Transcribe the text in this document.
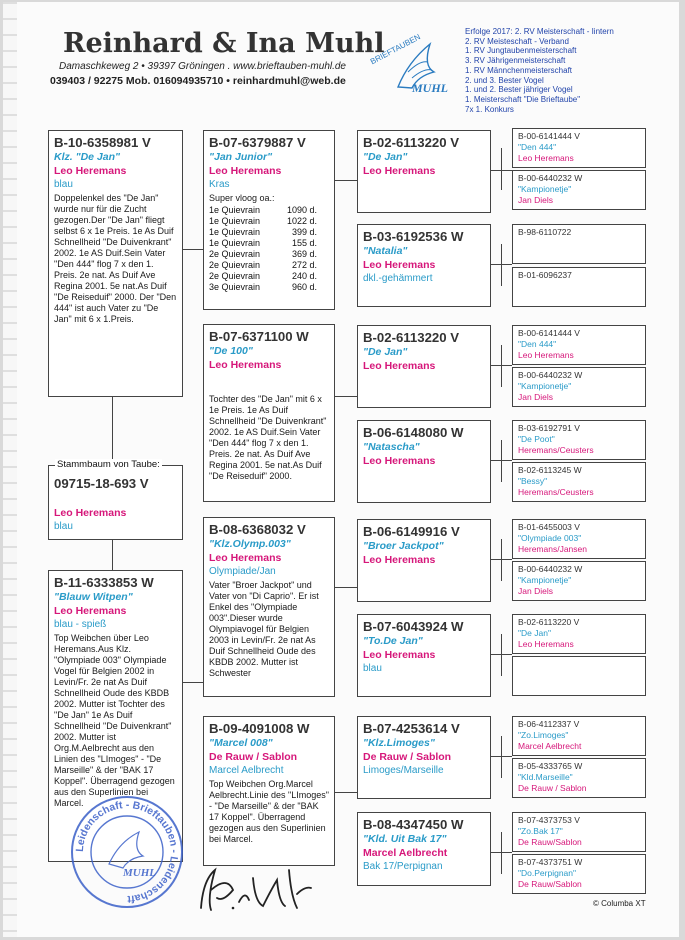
Reinhard & Ina Muhl
Damaschkeweg 2 • 39397 Gröningen . www.brieftauben-muhl.de
039403 / 92275 Mob. 016094935710 • reinhardmuhl@web.de
BRIEFTAUBEN
MUHL
Erfolge 2017: 2. RV Meisterschaft - Iintern
2. RV Meisteschaft - Verband
1. RV Jungtaubenmeisterschaft
3. RV Jährigenmeisterschaft
1. RV Männchenmeisterschaft
2. und 3. Bester Vogel
1. und 2. Bester jähriger Vogel
1. Meisterschaft "Die Brieftaube"
7x 1. Konkurs
B-10-6358981 V
Klz. "De Jan"
Leo Heremans
blau
Doppelenkel des "De Jan" wurde nur für die Zucht gezogen.Der "De Jan" fliegt selbst 6 x 1e Preis. 1e As Duif Schnellheid "De Duivenkrant" 2002. 1e AS Duif.Sein Vater "Den 444" flog 7 x den 1. Preis. 2e nat. As Duif Ave Regina 2001. 5e nat.As Duif "De Reiseduif" 2000. Der "Den 444" ist auch Vater zu "De Jan" mit 6 x 1.Preis.
09715-18-693 V
Leo Heremans
blau
Stammbaum von Taube:
B-11-6333853 W
"Blauw Witpen"
Leo Heremans
blau - spieß
Top Weibchen über Leo Heremans.Aus Klz. "Olympiade 003" Olympiade Vogel für Belgien 2002 in Levin/Fr. 2e nat As Duif Schnellheid Oude des KBDB 2002. Mutter ist Tochter des "De Jan" 1e As Duif Schnellheid "De Duivenkrant" 2002. Mutter ist Org.M.Aelbrecht aus den Linien des "LImoges" - "De Marseille" & der "BAK 17 Koppel". Überragend gezogen aus den Superlinien bei Marcel.
B-07-6379887 V
"Jan Junior"
Leo Heremans
Kras
Super vloog oa.:
1e Quievrain	1090 d.
1e Quievrain	1022 d.
1e Quievrain	399 d.
1e Quievrain	155 d.
2e Quievrain	369 d.
2e Quievrain	272 d.
2e Quievrain	240 d.
3e Quievrain	960 d.
B-07-6371100 W
"De 100"
Leo Heremans
Tochter des "De Jan" mit 6 x 1e Preis. 1e As Duif Schnellheid "De Duivenkrant" 2002. 1e AS Duif.Sein Vater "Den 444" flog 7 x den 1. Preis. 2e nat. As Duif Ave Regina 2001. 5e nat.As Duif "De Reiseduif" 2000.
B-08-6368032 V
"Klz.Olymp.003"
Leo Heremans
Olympiade/Jan
Vater "Broer Jackpot" und Vater von "Di Caprio". Er ist Enkel des "Olympiade 003".Dieser wurde Olympiavogel für Belgien 2003 in Levin/Fr. 2e nat As Duif Schnellheid Oude des KBDB 2002. Mutter ist Schwester
B-09-4091008 W
"Marcel 008"
De Rauw / Sablon
Marcel Aelbrecht
Top Weibchen Org.Marcel Aelbrecht.Linie des "LImoges" - "De Marseille" & der "BAK 17 Koppel". Überragend gezogen aus den Superlinien bei Marcel.
B-02-6113220 V
"De Jan"
Leo Heremans
B-03-6192536 W
"Natalia"
Leo Heremans
dkl.-gehämmert
B-02-6113220 V
"De Jan"
Leo Heremans
B-06-6148080 W
"Natascha"
Leo Heremans
B-06-6149916 V
"Broer Jackpot"
Leo Heremans
B-07-6043924 W
"To.De Jan"
Leo Heremans
blau
B-07-4253614 V
"Klz.Limoges"
De Rauw / Sablon
Limoges/Marseille
B-08-4347450 W
"Kld. Uit Bak 17"
Marcel Aelbrecht
Bak 17/Perpignan
B-00-6141444 V
"Den 444"
Leo Heremans
B-00-6440232 W
"Kampionetje"
Jan Diels
B-98-6110722
B-01-6096237
B-00-6141444 V
"Den 444"
Leo Heremans
B-00-6440232 W
"Kampionetje"
Jan Diels
B-03-6192791 V
"De Poot"
Heremans/Ceusters
B-02-6113245 W
"Bessy"
Heremans/Ceusters
B-01-6455003 V
"Olympiade 003"
Heremans/Jansen
B-00-6440232 W
"Kampionetje"
Jan Diels
B-02-6113220 V
"De Jan"
Leo Heremans
B-06-4112337 V
"Zo.Limoges"
Marcel Aelbrecht
B-05-4333765 W
"Kld.Marseille"
De Rauw / Sablon
B-07-4373753 V
"Zo.Bak 17"
De Rauw/Sablon
B-07-4373751 W
"Do.Perpignan"
De Rauw/Sablon
Leidenschaft - Brieftauben - Leidenschaft
MUHL
© Columba XT
